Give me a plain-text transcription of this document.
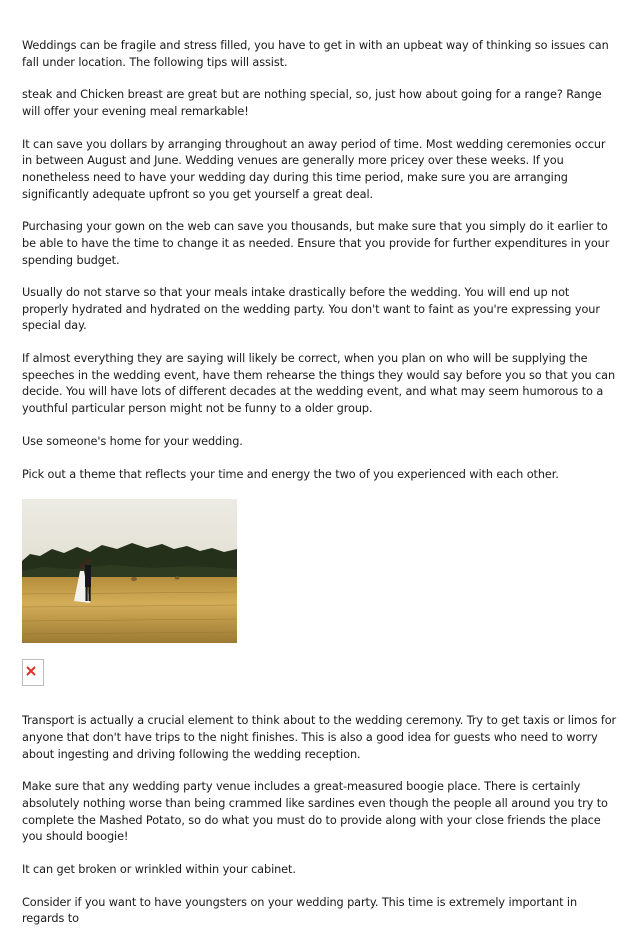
Weddings can be fragile and stress filled, you have to get in with an upbeat way of thinking so issues can fall under location. The following tips will assist.

steak and Chicken breast are great but are nothing special, so, just how about going for a range? Range will offer your evening meal remarkable!

It can save you dollars by arranging throughout an away period of time. Most wedding ceremonies occur in between August and June. Wedding venues are generally more pricey over these weeks. If you nonetheless need to have your wedding day during this time period, make sure you are arranging significantly adequate upfront so you get yourself a great deal.

Purchasing your gown on the web can save you thousands, but make sure that you simply do it earlier to be able to have the time to change it as needed. Ensure that you provide for further expenditures in your spending budget.

Usually do not starve so that your meals intake drastically before the wedding. You will end up not properly hydrated and hydrated on the wedding party. You don't want to faint as you're expressing your special day.

If almost everything they are saying will likely be correct, when you plan on who will be supplying the speeches in the wedding event, have them rehearse the things they would say before you so that you can decide. You will have lots of different decades at the wedding event, and what may seem humorous to a youthful particular person might not be funny to a older group.

Use someone's home for your wedding.

Pick out a theme that reflects your time and energy the two of you experienced with each other.

Transport is actually a crucial element to think about to the wedding ceremony. Try to get taxis or limos for anyone that don't have trips to the night finishes. This is also a good idea for guests who need to worry about ingesting and driving following the wedding reception.

Make sure that any wedding party venue includes a great-measured boogie place. There is certainly absolutely nothing worse than being crammed like sardines even though the people all around you try to complete the Mashed Potato, so do what you must do to provide along with your close friends the place you should boogie!

It can get broken or wrinkled within your cabinet.

Consider if you want to have youngsters on your wedding party. This time is extremely important in regards to
